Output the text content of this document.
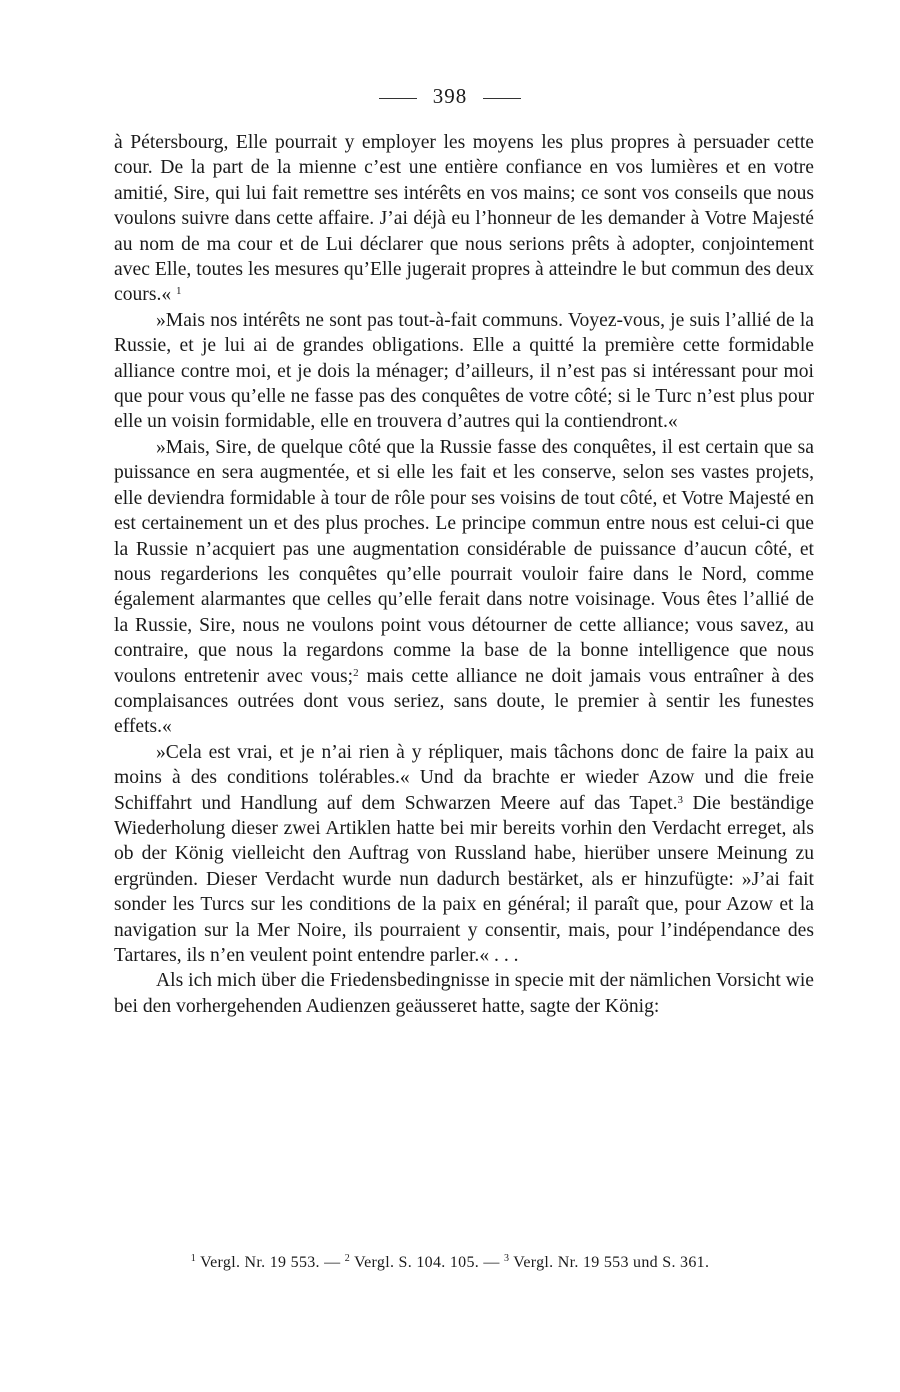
398

à Pétersbourg, Elle pourrait y employer les moyens les plus propres à persuader cette cour. De la part de la mienne c’est une entière confiance en vos lumières et en votre amitié, Sire, qui lui fait remettre ses intérêts en vos mains; ce sont vos conseils que nous voulons suivre dans cette affaire. J’ai déjà eu l’honneur de les demander à Votre Majesté au nom de ma cour et de Lui déclarer que nous serions prêts à adopter, conjointement avec Elle, toutes les mesures qu’Elle jugerait propres à atteindre le but commun des deux cours.« $^1$

»Mais nos intérêts ne sont pas tout-à-fait communs. Voyez-vous, je suis l’allié de la Russie, et je lui ai de grandes obligations. Elle a quitté la première cette formidable alliance contre moi, et je dois la ménager; d’ailleurs, il n’est pas si intéressant pour moi que pour vous qu’elle ne fasse pas des conquêtes de votre côté; si le Turc n’est plus pour elle un voisin formidable, elle en trouvera d’autres qui la contiendront.«

»Mais, Sire, de quelque côté que la Russie fasse des conquêtes, il est certain que sa puissance en sera augmentée, et si elle les fait et les conserve, selon ses vastes projets, elle deviendra formidable à tour de rôle pour ses voisins de tout côté, et Votre Majesté en est certainement un et des plus proches. Le principe commun entre nous est celui-ci que la Russie n’acquiert pas une augmentation considérable de puissance d’aucun côté, et nous regarderions les conquêtes qu’elle pourrait vouloir faire dans le Nord, comme également alarmantes que celles qu’elle ferait dans notre voisinage. Vous êtes l’allié de la Russie, Sire, nous ne voulons point vous détourner de cette alliance; vous savez, au contraire, que nous la regardons comme la base de la bonne intelligence que nous voulons entretenir avec vous;$^2$ mais cette alliance ne doit jamais vous entraîner à des complaisances outrées dont vous seriez, sans doute, le premier à sentir les funestes effets.«

»Cela est vrai, et je n’ai rien à y répliquer, mais tâchons donc de faire la paix au moins à des conditions tolérables.« Und da brachte er wieder Azow und die freie Schiffahrt und Handlung auf dem Schwarzen Meere auf das Tapet.$^3$ Die beständige Wiederholung dieser zwei Artiklen hatte bei mir bereits vorhin den Verdacht erreget, als ob der König vielleicht den Auftrag von Russland habe, hierüber unsere Meinung zu ergründen. Dieser Verdacht wurde nun dadurch bestärket, als er hinzufügte: »J’ai fait sonder les Turcs sur les conditions de la paix en général; il paraît que, pour Azow et la navigation sur la Mer Noire, ils pourraient y consentir, mais, pour l’indépendance des Tartares, ils n’en veulent point entendre parler.« . . .

Als ich mich über die Friedensbedingnisse in specie mit der nämlichen Vorsicht wie bei den vorhergehenden Audienzen geäusseret hatte, sagte der König:

$^1$ Vergl. Nr. 19 553. — $^2$ Vergl. S. 104. 105. — $^3$ Vergl. Nr. 19 553 und S. 361.
